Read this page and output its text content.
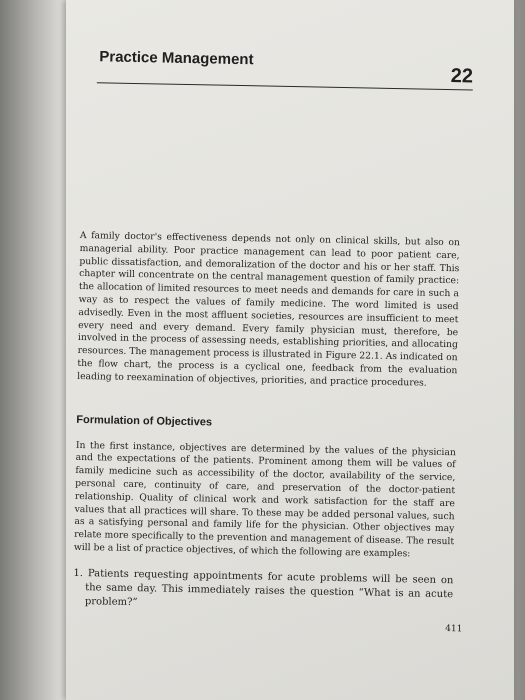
Practice Management
22

A family doctor's effectiveness depends not only on clinical skills, but also on managerial ability. Poor practice management can lead to poor patient care, public dissatisfaction, and demoralization of the doctor and his or her staff. This chapter will concentrate on the central management question of family practice: the allocation of limited resources to meet needs and demands for care in such a way as to respect the values of family medicine. The word limited is used advisedly. Even in the most affluent societies, resources are insufficient to meet every need and every demand. Every family physician must, therefore, be involved in the process of assessing needs, establishing priorities, and allocating resources. The management process is illustrated in Figure 22.1. As indicated on the flow chart, the process is a cyclical one, feedback from the evaluation leading to reexamination of objectives, priorities, and practice procedures.

Formulation of Objectives

In the first instance, objectives are determined by the values of the physician and the expectations of the patients. Prominent among them will be values of family medicine such as accessibility of the doctor, availability of the service, personal care, continuity of care, and preservation of the doctor-patient relationship. Quality of clinical work and work satisfaction for the staff are values that all practices will share. To these may be added personal values, such as a satisfying personal and family life for the physician. Other objectives may relate more specifically to the prevention and management of disease. The result will be a list of practice objectives, of which the following are examples:

1. Patients requesting appointments for acute problems will be seen on the same day. This immediately raises the question “What is an acute problem?”

411
